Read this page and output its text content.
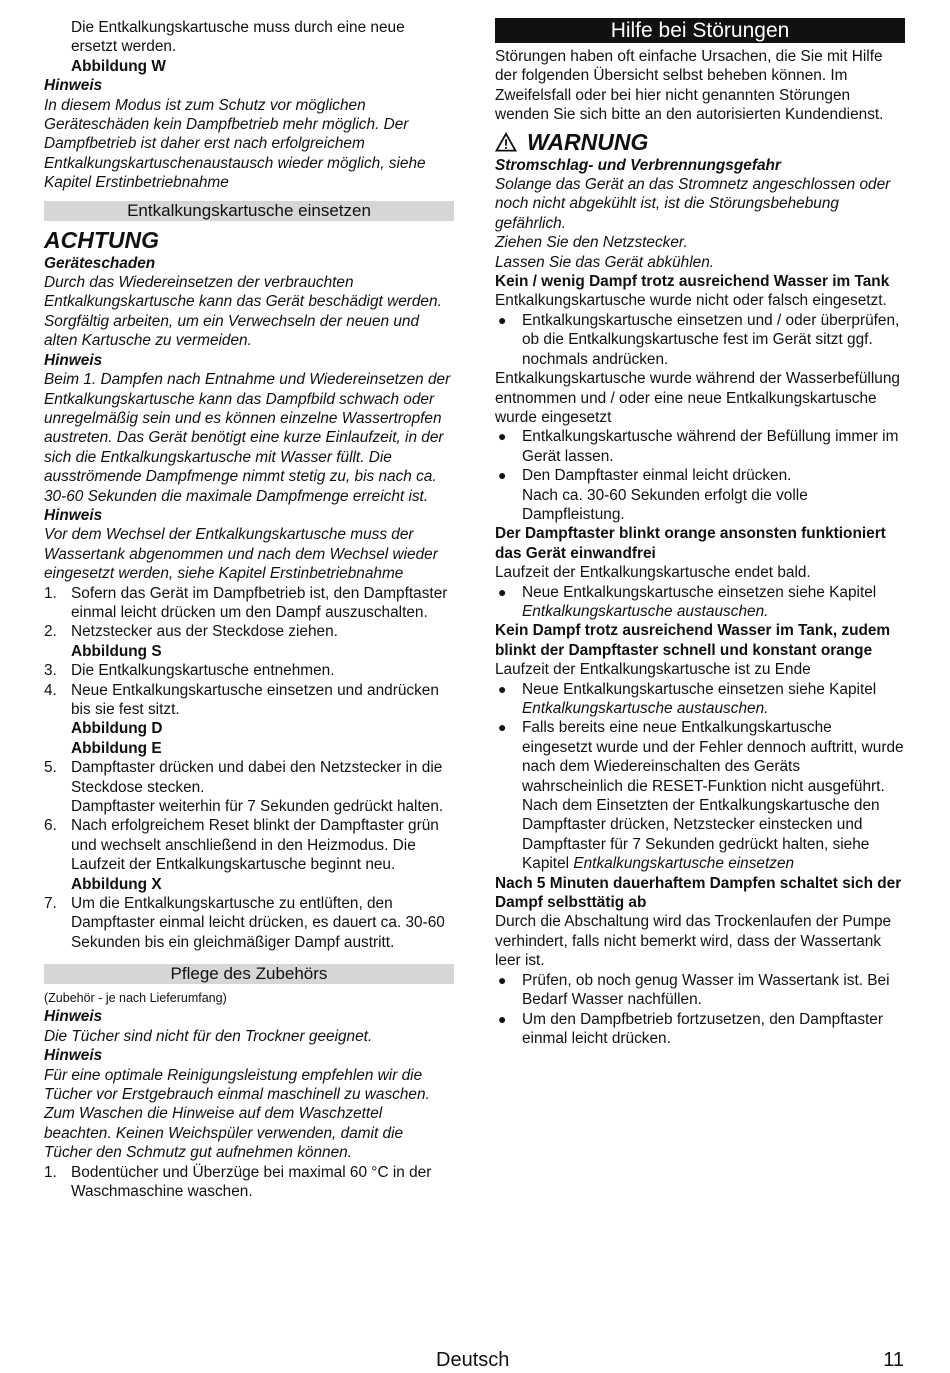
Die Entkalkungskartusche muss durch eine neue ersetzt werden.

Abbildung W

Hinweis

In diesem Modus ist zum Schutz vor möglichen Geräteschäden kein Dampfbetrieb mehr möglich. Der Dampfbetrieb ist daher erst nach erfolgreichem Entkalkungskartuschenaustausch wieder möglich, siehe Kapitel Erstinbetriebnahme

Entkalkungskartusche einsetzen

ACHTUNG

Geräteschaden

Durch das Wiedereinsetzen der verbrauchten Entkalkungskartusche kann das Gerät beschädigt werden. Sorgfältig arbeiten, um ein Verwechseln der neuen und alten Kartusche zu vermeiden.

Hinweis

Beim 1. Dampfen nach Entnahme und Wiedereinsetzen der Entkalkungskartusche kann das Dampfbild schwach oder unregelmäßig sein und es können einzelne Wassertropfen austreten. Das Gerät benötigt eine kurze Einlaufzeit, in der sich die Entkalkungskartusche mit Wasser füllt. Die ausströmende Dampfmenge nimmt stetig zu, bis nach ca. 30-60 Sekunden die maximale Dampfmenge erreicht ist.

Hinweis

Vor dem Wechsel der Entkalkungskartusche muss der Wassertank abgenommen und nach dem Wechsel wieder eingesetzt werden, siehe Kapitel Erstinbetriebnahme

1. Sofern das Gerät im Dampfbetrieb ist, den Dampftaster einmal leicht drücken um den Dampf auszuschalten.
2. Netzstecker aus der Steckdose ziehen.
Abbildung S
3. Die Entkalkungskartusche entnehmen.
4. Neue Entkalkungskartusche einsetzen und andrücken bis sie fest sitzt.
Abbildung D
Abbildung E
5. Dampftaster drücken und dabei den Netzstecker in die Steckdose stecken.
Dampftaster weiterhin für 7 Sekunden gedrückt halten.
6. Nach erfolgreichem Reset blinkt der Dampftaster grün und wechselt anschließend in den Heizmodus. Die Laufzeit der Entkalkungskartusche beginnt neu.
Abbildung X
7. Um die Entkalkungskartusche zu entlüften, den Dampftaster einmal leicht drücken, es dauert ca. 30-60 Sekunden bis ein gleichmäßiger Dampf austritt.
Pflege des Zubehörs

(Zubehör - je nach Lieferumfang)

Hinweis

Die Tücher sind nicht für den Trockner geeignet.

Hinweis

Für eine optimale Reinigungsleistung empfehlen wir die Tücher vor Erstgebrauch einmal maschinell zu waschen.

Zum Waschen die Hinweise auf dem Waschzettel beachten. Keinen Weichspüler verwenden, damit die Tücher den Schmutz gut aufnehmen können.

1. Bodentücher und Überzüge bei maximal 60 °C in der Waschmaschine waschen.
Hilfe bei Störungen

Störungen haben oft einfache Ursachen, die Sie mit Hilfe der folgenden Übersicht selbst beheben können. Im Zweifelsfall oder bei hier nicht genannten Störungen wenden Sie sich bitte an den autorisierten Kundendienst.

WARNUNG

Stromschlag- und Verbrennungsgefahr

Solange das Gerät an das Stromnetz angeschlossen oder noch nicht abgekühlt ist, ist die Störungsbehebung gefährlich.

Ziehen Sie den Netzstecker.

Lassen Sie das Gerät abkühlen.

Kein / wenig Dampf trotz ausreichend Wasser im Tank

Entkalkungskartusche wurde nicht oder falsch eingesetzt.

● Entkalkungskartusche einsetzen und / oder überprüfen, ob die Entkalkungskartusche fest im Gerät sitzt ggf. nochmals andrücken.

Entkalkungskartusche wurde während der Wasserbefüllung entnommen und / oder eine neue Entkalkungskartusche wurde eingesetzt

● Entkalkungskartusche während der Befüllung immer im Gerät lassen.
● Den Dampftaster einmal leicht drücken.
Nach ca. 30-60 Sekunden erfolgt die volle Dampfleistung.

Der Dampftaster blinkt orange ansonsten funktioniert das Gerät einwandfrei

Laufzeit der Entkalkungskartusche endet bald.

● Neue Entkalkungskartusche einsetzen siehe Kapitel Entkalkungskartusche austauschen.

Kein Dampf trotz ausreichend Wasser im Tank, zudem blinkt der Dampftaster schnell und konstant orange

Laufzeit der Entkalkungskartusche ist zu Ende

● Neue Entkalkungskartusche einsetzen siehe Kapitel Entkalkungskartusche austauschen.
● Falls bereits eine neue Entkalkungskartusche eingesetzt wurde und der Fehler dennoch auftritt, wurde nach dem Wiedereinschalten des Geräts wahrscheinlich die RESET-Funktion nicht ausgeführt.
Nach dem Einsetzten der Entkalkungskartusche den Dampftaster drücken, Netzstecker einstecken und Dampftaster für 7 Sekunden gedrückt halten, siehe Kapitel Entkalkungskartusche einsetzen

Nach 5 Minuten dauerhaftem Dampfen schaltet sich der Dampf selbsttätig ab

Durch die Abschaltung wird das Trockenlaufen der Pumpe verhindert, falls nicht bemerkt wird, dass der Wassertank leer ist.

● Prüfen, ob noch genug Wasser im Wassertank ist. Bei Bedarf Wasser nachfüllen.
● Um den Dampfbetrieb fortzusetzen, den Dampftaster einmal leicht drücken.
Deutsch	11
